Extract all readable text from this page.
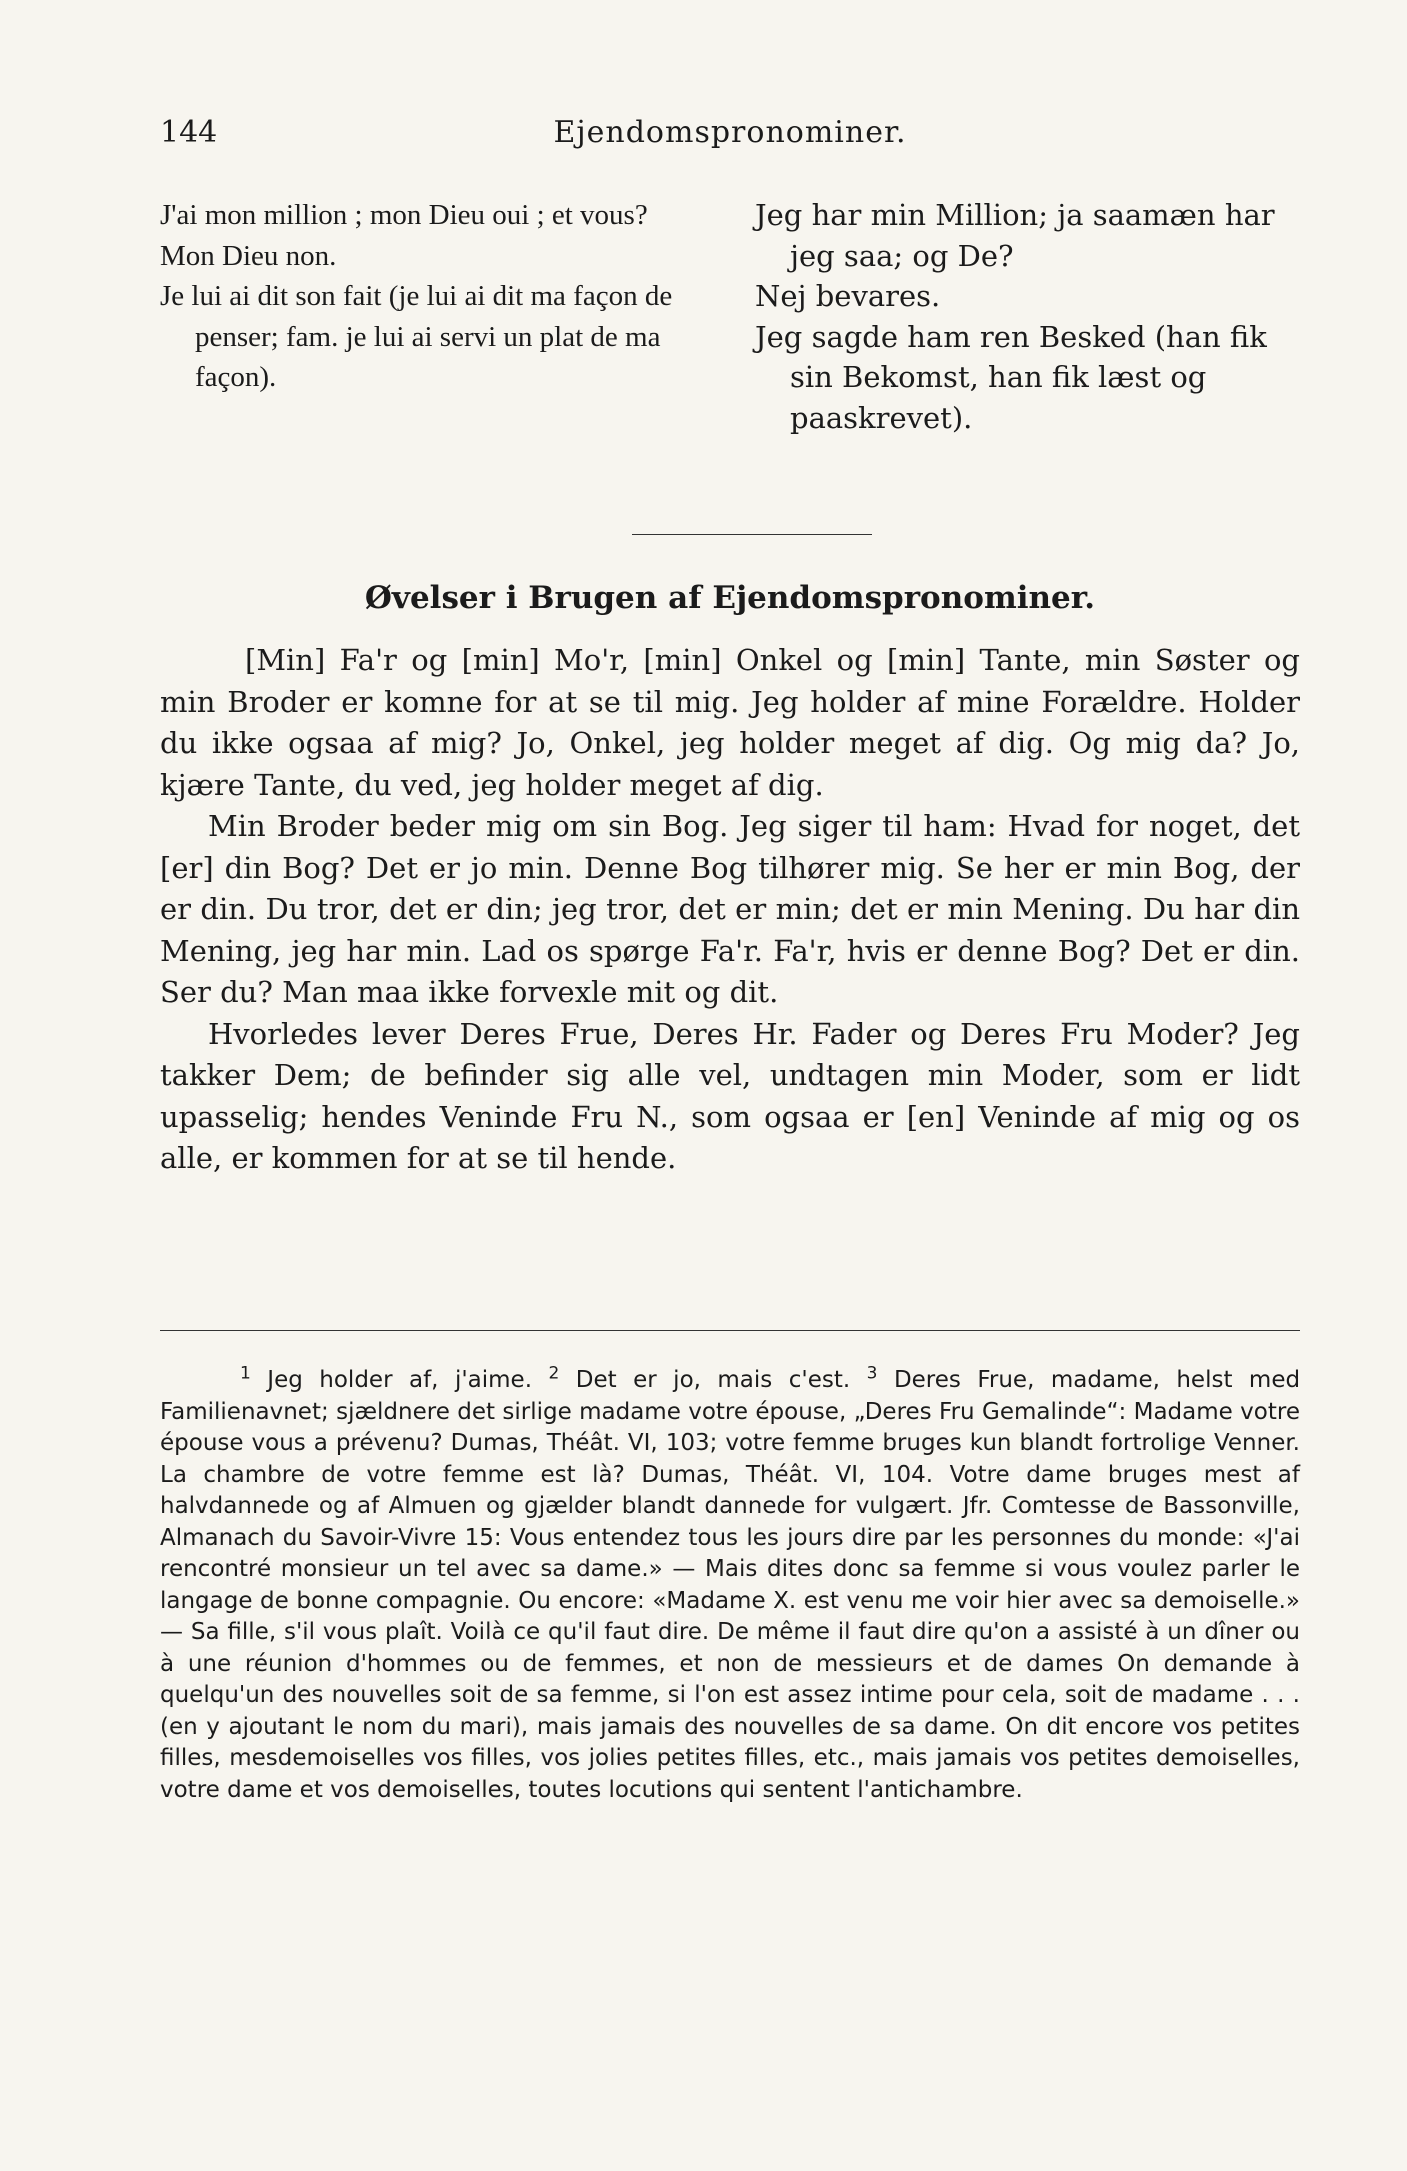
144	Ejendomspronominer.

J'ai mon million ; mon Dieu oui ; et vous?

Mon Dieu non.

Je lui ai dit son fait (je lui ai dit ma façon de penser; fam. je lui ai servi un plat de ma façon).

Jeg har min Million; ja saamæn har jeg saa; og De?

Nej bevares.

Jeg sagde ham ren Besked (han fik sin Bekomst, han fik læst og paaskrevet).

Øvelser i Brugen af Ejendomspronominer.

[Min] Fa'r og [min] Mo'r, [min] Onkel og [min] Tante, min Søster og min Broder er komne for at se til mig. Jeg holder af mine Forældre. Holder du ikke ogsaa af mig? Jo, Onkel, jeg holder meget af dig. Og mig da? Jo, kjære Tante, du ved, jeg holder meget af dig.

Min Broder beder mig om sin Bog. Jeg siger til ham: Hvad for noget, det [er] din Bog? Det er jo min. Denne Bog tilhører mig. Se her er min Bog, der er din. Du tror, det er din; jeg tror, det er min; det er min Mening. Du har din Mening, jeg har min. Lad os spørge Fa'r. Fa'r, hvis er denne Bog? Det er din. Ser du? Man maa ikke forvexle mit og dit.

Hvorledes lever Deres Frue, Deres Hr. Fader og Deres Fru Moder? Jeg takker Dem; de befinder sig alle vel, undtagen min Moder, som er lidt upasselig; hendes Veninde Fru N., som ogsaa er [en] Veninde af mig og os alle, er kommen for at se til hende.

$^1$ Jeg holder af, j'aime. $^2$ Det er jo, mais c'est. $^3$ Deres Frue, madame, helst med Familienavnet; sjældnere det sirlige madame votre épouse, „Deres Fru Gemalinde“: Madame votre épouse vous a prévenu? Dumas, Théât. VI, 103; votre femme bruges kun blandt fortrolige Venner. La chambre de votre femme est là? Dumas, Théât. VI, 104. Votre dame bruges mest af halvdannede og af Almuen og gjælder blandt dannede for vulgært. Jfr. Comtesse de Bassonville, Almanach du Savoir-Vivre 15: Vous entendez tous les jours dire par les personnes du monde: «J'ai rencontré monsieur un tel avec sa dame.» — Mais dites donc sa femme si vous voulez parler le langage de bonne compagnie. Ou encore: «Madame X. est venu me voir hier avec sa demoiselle.» — Sa fille, s'il vous plaît. Voilà ce qu'il faut dire. De même il faut dire qu'on a assisté à un dîner ou à une réunion d'hommes ou de femmes, et non de messieurs et de dames On demande à quelqu'un des nouvelles soit de sa femme, si l'on est assez intime pour cela, soit de madame . . . (en y ajoutant le nom du mari), mais jamais des nouvelles de sa dame. On dit encore vos petites filles, mesdemoiselles vos filles, vos jolies petites filles, etc., mais jamais vos petites demoiselles, votre dame et vos demoiselles, toutes locutions qui sentent l'antichambre.
